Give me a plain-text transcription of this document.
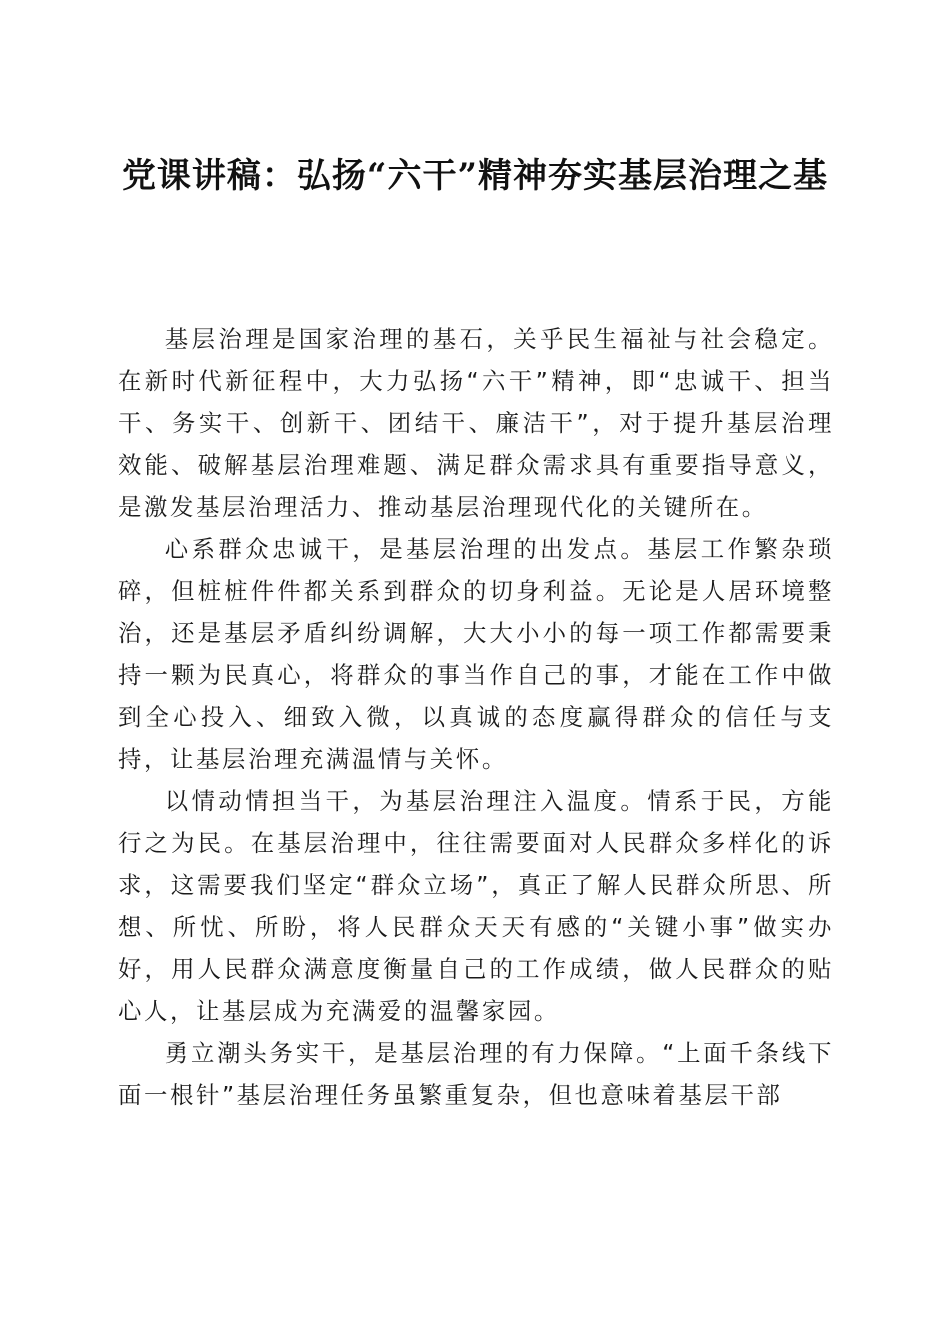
党课讲稿：弘扬“六干”精神夯实基层治理之基

基层治理是国家治理的基石，关乎民生福祉与社会稳定。在新时代新征程中，大力弘扬“六干”精神，即“忠诚干、担当干、务实干、创新干、团结干、廉洁干”，对于提升基层治理效能、破解基层治理难题、满足群众需求具有重要指导意义，是激发基层治理活力、推动基层治理现代化的关键所在。

心系群众忠诚干，是基层治理的出发点。基层工作繁杂琐碎，但桩桩件件都关系到群众的切身利益。无论是人居环境整治，还是基层矛盾纠纷调解，大大小小的每一项工作都需要秉持一颗为民真心，将群众的事当作自己的事，才能在工作中做到全心投入、细致入微，以真诚的态度赢得群众的信任与支持，让基层治理充满温情与关怀。

以情动情担当干，为基层治理注入温度。情系于民，方能行之为民。在基层治理中，往往需要面对人民群众多样化的诉求，这需要我们坚定“群众立场”，真正了解人民群众所思、所想、所忧、所盼，将人民群众天天有感的“关键小事”做实办好，用人民群众满意度衡量自己的工作成绩，做人民群众的贴心人，让基层成为充满爱的温馨家园。

勇立潮头务实干，是基层治理的有力保障。“上面千条线下面一根针”基层治理任务虽繁重复杂，但也意味着基层干部
